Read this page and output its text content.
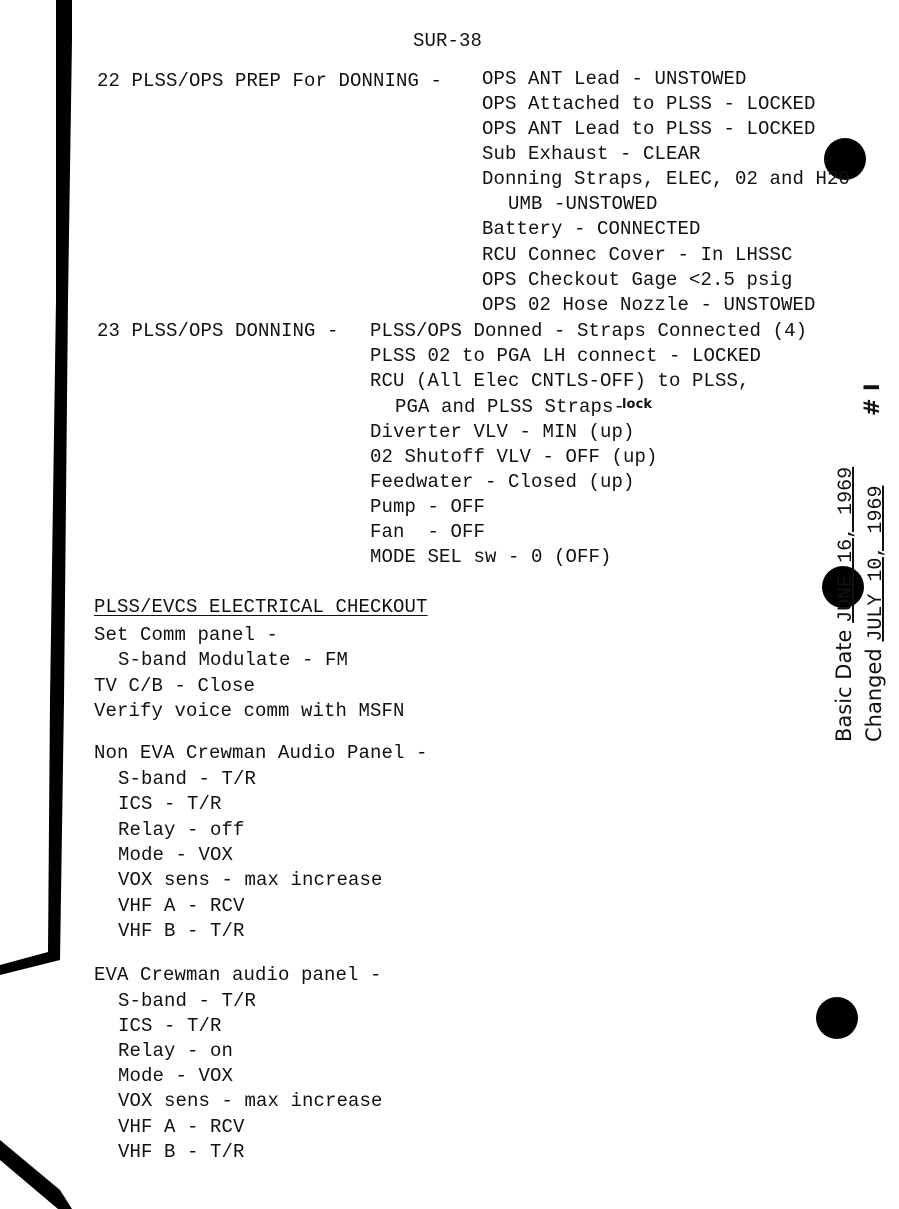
SUR-38
22 PLSS/OPS PREP For DONNING - OPS ANT Lead - UNSTOWED
OPS Attached to PLSS - LOCKED
OPS ANT Lead to PLSS - LOCKED
Sub Exhaust - CLEAR
Donning Straps, ELEC, 02 and H20
UMB -UNSTOWED
Battery - CONNECTED
RCU Connec Cover - In LHSSC
OPS Checkout Gage <2.5 psig
OPS 02 Hose Nozzle - UNSTOWED
23 PLSS/OPS DONNING - PLSS/OPS Donned - Straps Connected (4)
PLSS 02 to PGA LH connect - LOCKED
RCU (All Elec CNTLS-OFF) to PLSS,
PGA and PLSS Straps-
lock
Diverter VLV - MIN (up)
02 Shutoff VLV - OFF (up)
Feedwater - Closed (up)
Pump - OFF
Fan  - OFF
MODE SEL sw - 0 (OFF)
PLSS/EVCS ELECTRICAL CHECKOUT
Set Comm panel -
S-band Modulate - FM
TV C/B - Close
Verify voice comm with MSFN
Non EVA Crewman Audio Panel -
S-band - T/R
ICS - T/R
Relay - off
Mode - VOX
VOX sens - max increase
VHF A - RCV
VHF B - T/R
EVA Crewman audio panel -
S-band - T/R
ICS - T/R
Relay - on
Mode - VOX
VOX sens - max increase
VHF A - RCV
VHF B - T/R
Basic Date JUNE 16, 1969
Changed JULY 10, 1969
# I
